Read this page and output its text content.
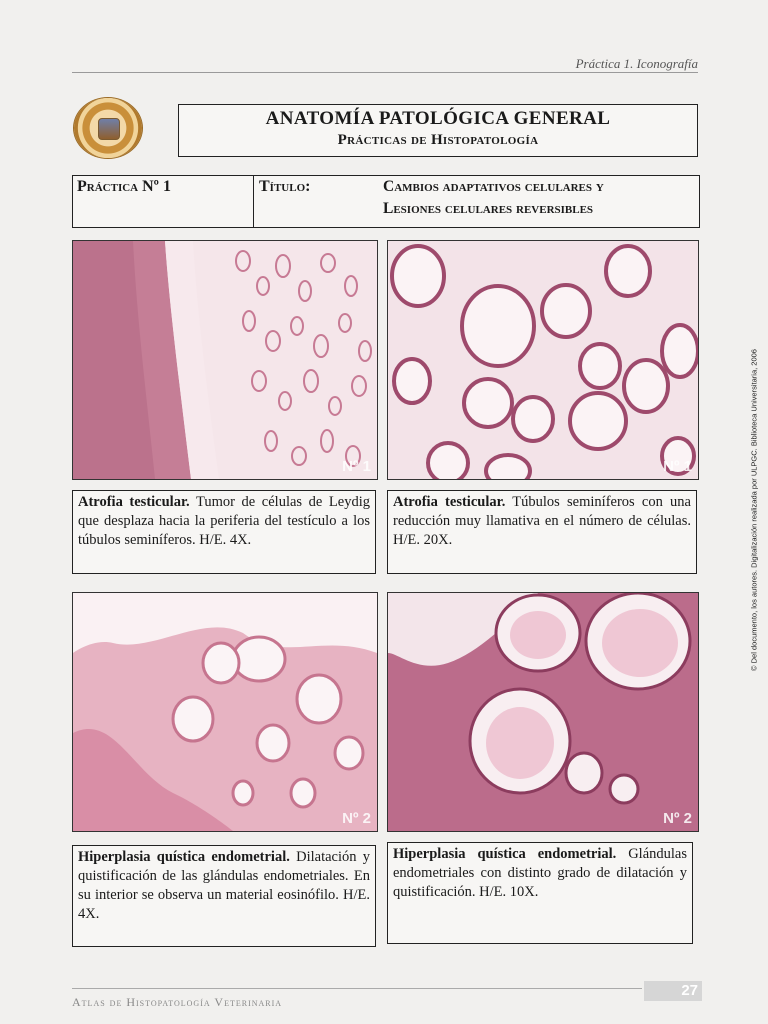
Práctica 1. Iconografía
ANATOMÍA PATOLÓGICA GENERAL
Prácticas de Histopatología
Práctica Nº 1	Título:	Cambios adaptativos celulares y
Lesiones celulares reversibles
Nº 1	Nº 1
Atrofia testicular. Tumor de células de Leydig que desplaza hacia la periferia del testículo a los túbulos seminíferos. H/E. 4X.
Atrofia testicular. Túbulos seminíferos con una reducción muy llamativa en el número de células. H/E. 20X.
Nº 2	Nº 2
Hiperplasia quística endometrial. Dilatación y quistificación de las glándulas endometriales. En su interior se observa un material eosinófilo. H/E. 4X.
Hiperplasia quística endometrial. Glándulas endometriales con distinto grado de dilatación y quistificación. H/E. 10X.
© Del documento, los autores. Digitalización realizada por ULPGC. Biblioteca Universitaria, 2006
Atlas de Histopatología Veterinaria
27
